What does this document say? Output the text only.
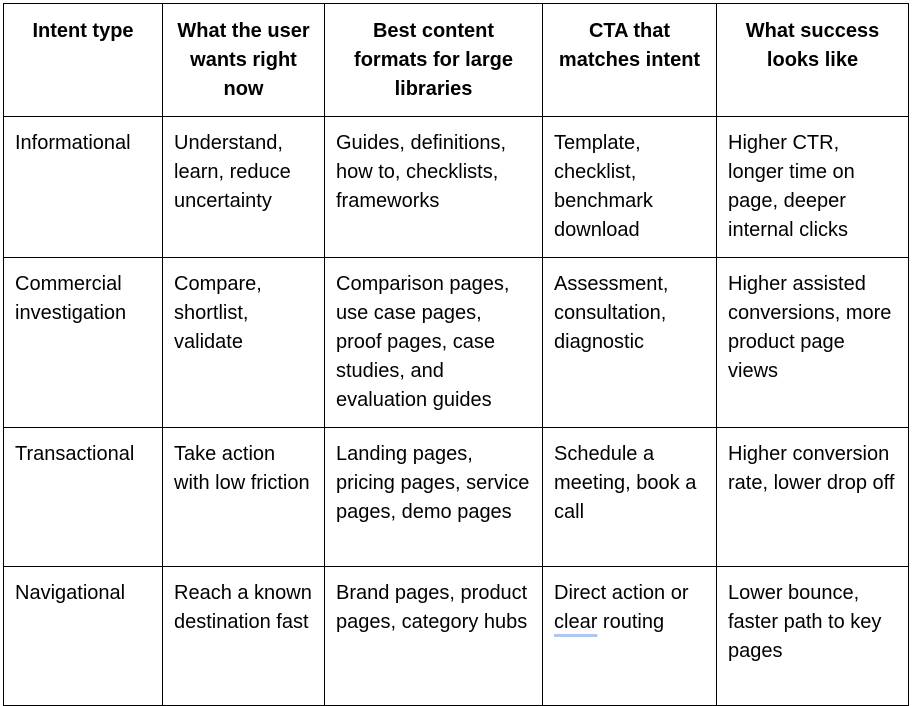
Intent type	What the user wants right now	Best content formats for large libraries	CTA that matches intent	What success looks like
Informational	Understand, learn, reduce uncertainty	Guides, definitions, how to, checklists, frameworks	Template, checklist, benchmark download	Higher CTR, longer time on page, deeper internal clicks
Commercial investigation	Compare, shortlist, validate	Comparison pages, use case pages, proof pages, case studies, and evaluation guides	Assessment, consultation, diagnostic	Higher assisted conversions, more product page views
Transactional	Take action with low friction	Landing pages, pricing pages, service pages, demo pages	Schedule a meeting, book a call	Higher conversion rate, lower drop off
Navigational	Reach a known destination fast	Brand pages, product pages, category hubs	Direct action or clear routing	Lower bounce, faster path to key pages
